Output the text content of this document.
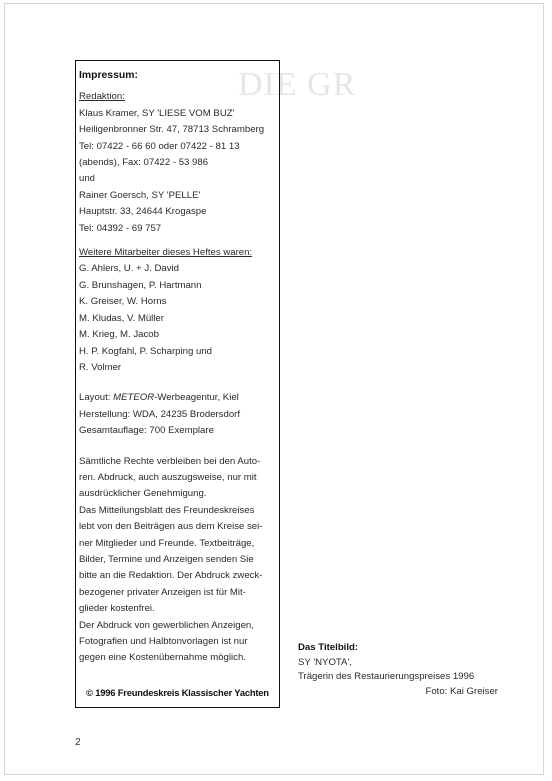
DIE GR

Impressum:

Redaktion:

Klaus Kramer, SY 'LIESE VOM BUZ'

Heiligenbronner Str. 47, 78713 Schramberg

Tel: 07422 - 66 60 oder 07422 - 81 13

(abends), Fax: 07422 - 53 986

und

Rainer Goersch, SY 'PELLE'

Hauptstr. 33, 24644 Krogaspe

Tel: 04392 - 69 757

Weitere Mitarbeiter dieses Heftes waren:

G. Ahlers, U. + J. David

G. Brunshagen, P. Hartmann

K. Greiser, W. Horns

M. Kludas, V. Müller

M. Krieg, M. Jacob

H. P. Kogfahl, P. Scharping und

R. Volmer

Layout: METEOR-Werbeagentur, Kiel

Herstellung: WDA, 24235 Brodersdorf

Gesamtauflage: 700 Exemplare

Sämtliche Rechte verbleiben bei den Auto-

ren. Abdruck, auch auszugsweise, nur mit

ausdrücklicher Genehmigung.

Das Mitteilungsblatt des Freundeskreises

lebt von den Beiträgen aus dem Kreise sei-

ner Mitglieder und Freunde. Textbeiträge,

Bilder, Termine und Anzeigen senden Sie

bitte an die Redaktion. Der Abdruck zweck-

bezogener privater Anzeigen ist für Mit-

glieder kostenfrei.

Der Abdruck von gewerblichen Anzeigen,

Fotografien und Halbtonvorlagen ist nur

gegen eine Kostenübernahme möglich.

© 1996 Freundeskreis Klassischer Yachten

Das Titelbild:

SY 'NYOTA',

Trägerin des Restaurierungspreises 1996

Foto: Kai Greiser

2
